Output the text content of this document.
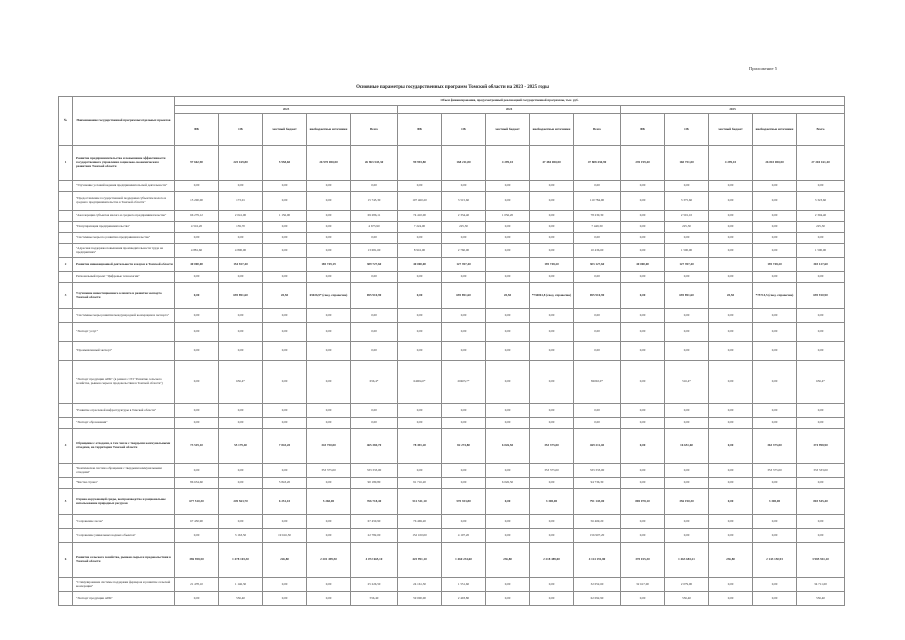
Приложение 5
Основные параметры государственных программ Томской области на 2023 - 2025 годы
№	Наименование государственной программы/отдельных проектов	Объем финансирования, предусмотренный реализацией государственной программы, тыс. руб.														
		2023					2024					2025				
		ФБ	ОБ	местный бюджет	внебюджетные источники	Всего	ФБ	ОБ	местный бюджет	внебюджетные источники	Всего	ФБ	ОБ	местный бюджет	внебюджетные источники	Всего
1	Развитие предпринимательства и повышение эффективности государственного управления социально-экономическим развитием Томской области	97 662,90	225 169,80	5 958,60	26 970 000,00	26 963 545,30	99 993,80	168 211,80	4 299,10	47 484 000,00	47 808 430,90	239 199,40	160 751,00	4 299,10	26 810 000,00	27 204 161,40
	"Улучшение условий ведения предпринимательской деятельности"	0,00	0,00	0,00	0,00	0,00	0,00	0,00	0,00	0,00	0,00	0,00	0,00	0,00	0,00	0,00
	"Предоставление государственной поддержки субъектам малого и среднего предпринимательства в Томской области"	15 200,00	173,01	0,00	0,00	15 745,30	107 460,20	3 515,60	0,00	0,00	110 784,90	0,00	3 375,60	0,00	0,00	3 323,60
	"Акселерация субъектов малого и среднего предпринимательства"	66 279,12	2 041,00	1 156,00	0,00	69 286,11	74 410,00	2 334,40	1 056,20	0,00	78 230,30	0,00	2 501,10	0,00	0,00	2 304,40
	"Популяризация предпринимательства"	4 516,20	159,70	0,00	0,00	4 675,90	7 224,00	225,30	0,00	0,00	7 449,30	0,00	225,30	0,00	0,00	225,30
	"Системные меры по развитию предпринимательства"	0,00	0,00	0,00	0,00	0,00	0,00	0,00	0,00	0,00	0,00	0,00	0,00	0,00	0,00	0,00
	"Адресная поддержка повышения производительности труда на предприятиях"	4 881,60	4 800,00	0,00	0,00	13 681,60	8 916,00	2 760,00	0,00	0,00	10 436,60	0,00	1 500,00	0,00	0,00	1 500,00
2	Развитие инновационной деятельности и науки в Томской области	40 000,00	154 927,40		185 749,19	389 727,60	40 000,00	127 397,40		195 748,20	303 127,60	40 000,00	127 397,40		195 748,20	303 127,60
	Региональный проект "Цифровые технологии"	0,00	0,00	0,00	0,00	0,00	0,00	0,00	0,00	0,00	0,00	0,00	0,00	0,00	0,00	0,00
3	Улучшение инвестиционного климата и развитие экспорта Томской области	0,00	695 891,60	20,50	65026,9* (свод. справочно)	695 910,90	0,00	695 891,60	20,50	*730061,8 (свод. справочно)	695 910,90	0,00	695 891,60	20,50	*75714,5 (свод. справочно)	695 910,90
	"Системные меры развития международной кооперации и экспорта"	0,00	0,00	0,00	0,00	0,00	0,00	0,00	0,00	0,00	0,00	0,00	0,00	0,00	0,00	0,00
	"Экспорт услуг"	0,00	0,00	0,00	0,00	0,00	0,00	0,00	0,00	0,00	0,00	0,00	0,00	0,00	0,00	0,00
	"Промышленный экспорт"	0,00	0,00	0,00	0,00	0,00	0,00	0,00	0,00	0,00	0,00	0,00	0,00	0,00	0,00	0,00
	"Экспорт продукции АПК" (в рамках с ГП "Развитие сельского хозяйства, рынков сырья и продовольствия в Томской области")	0,00	656,4*	0,00	0,00	656,4*	64004,0*	20403,7*	0,00	0,00	82002,0*	0,00	516,4*	0,00	0,00	656,4*
	"Развитие отраслевой инфраструктуры в Томской области"	0,00	0,00	0,00	0,00	0,00	0,00	0,00	0,00	0,00	0,00	0,00	0,00	0,00	0,00	0,00
	"Экспорт образования"	0,00	0,00	0,00	0,00	0,00	0,00	0,00	0,00	0,00	0,00	0,00	0,00	0,00	0,00	0,00
4	Обращение с отходами, в том числе с твердыми коммунальными отходами, на территории Томской области	73 519,10	55 179,40	7 843,20	343 750,00	465 369,70	78 491,20	82 274,80	6 026,50	353 375,00	469 211,40	0,00	16 651,60	0,00	363 375,00	374 998,90
	"Комплексная система обращения с твердыми коммунальными отходами"	0,00	0,00	0,00	353 375,00	333 333,00	0,00	0,00	0,00	353 375,00	333 333,00	0,00	0,00	0,00	353 375,00	333 333,00
	"Чистая страна"	86 634,60	0,00	5 843,20	0,00	90 180,80	91 716,20	0,00	6 026,50	0,00	94 736,30	0,00	0,00	0,00	0,00	0,00
5	Охрана окружающей среды, воспроизводство и рациональное использование природных ресурсов	677 510,30	249 563,70	6 251,10	5 260,00	766 718,40	512 511,10	570 353,80	0,00	3 300,00	791 145,00	869 078,10	356 190,30	0,00	3 300,00	803 545,40
	"Сохранение лесов"	67 450,90	0,00	0,00	0,00	67 450,90	76 469,20	0,00	0,00	0,00	56 469,20	0,00	0,00	0,00	0,00	0,00
	"Сохранение уникальных водных объектов"	0,00	3 163,50	19 616,50	0,00	22 782,00	152 100,00	4 107,20	0,00	0,00	156 907,20	0,00	0,00	0,00	0,00	0,00
6	Развитие сельского хозяйства, рынков сырья и продовольствия в Томской области	396 958,50	1 478 103,30	226,80	2 201 499,50	4 072 665,10	425 991,10	1 460 234,60	236,80	2 218 489,00	4 114 191,80	370 015,30	1 463 683,21	236,80	2 143 150,93	3 985 941,10
	"Стимулирование системы поддержки фермеров и развитие сельской кооперации"	21 478,10	1 146,30	0,00	0,00	25 226,50	24 161,30	1 551,60	0,00	0,00	32 052,60	32 617,00	2 079,00	0,00	0,00	34 711,00
	"Экспорт продукции АПК"	0,00	556,40	0,00	0,00	556,40	59 000,00	2 493,80	0,00	0,00	62 092,90	0,00	556,40	0,00	0,00	556,40
